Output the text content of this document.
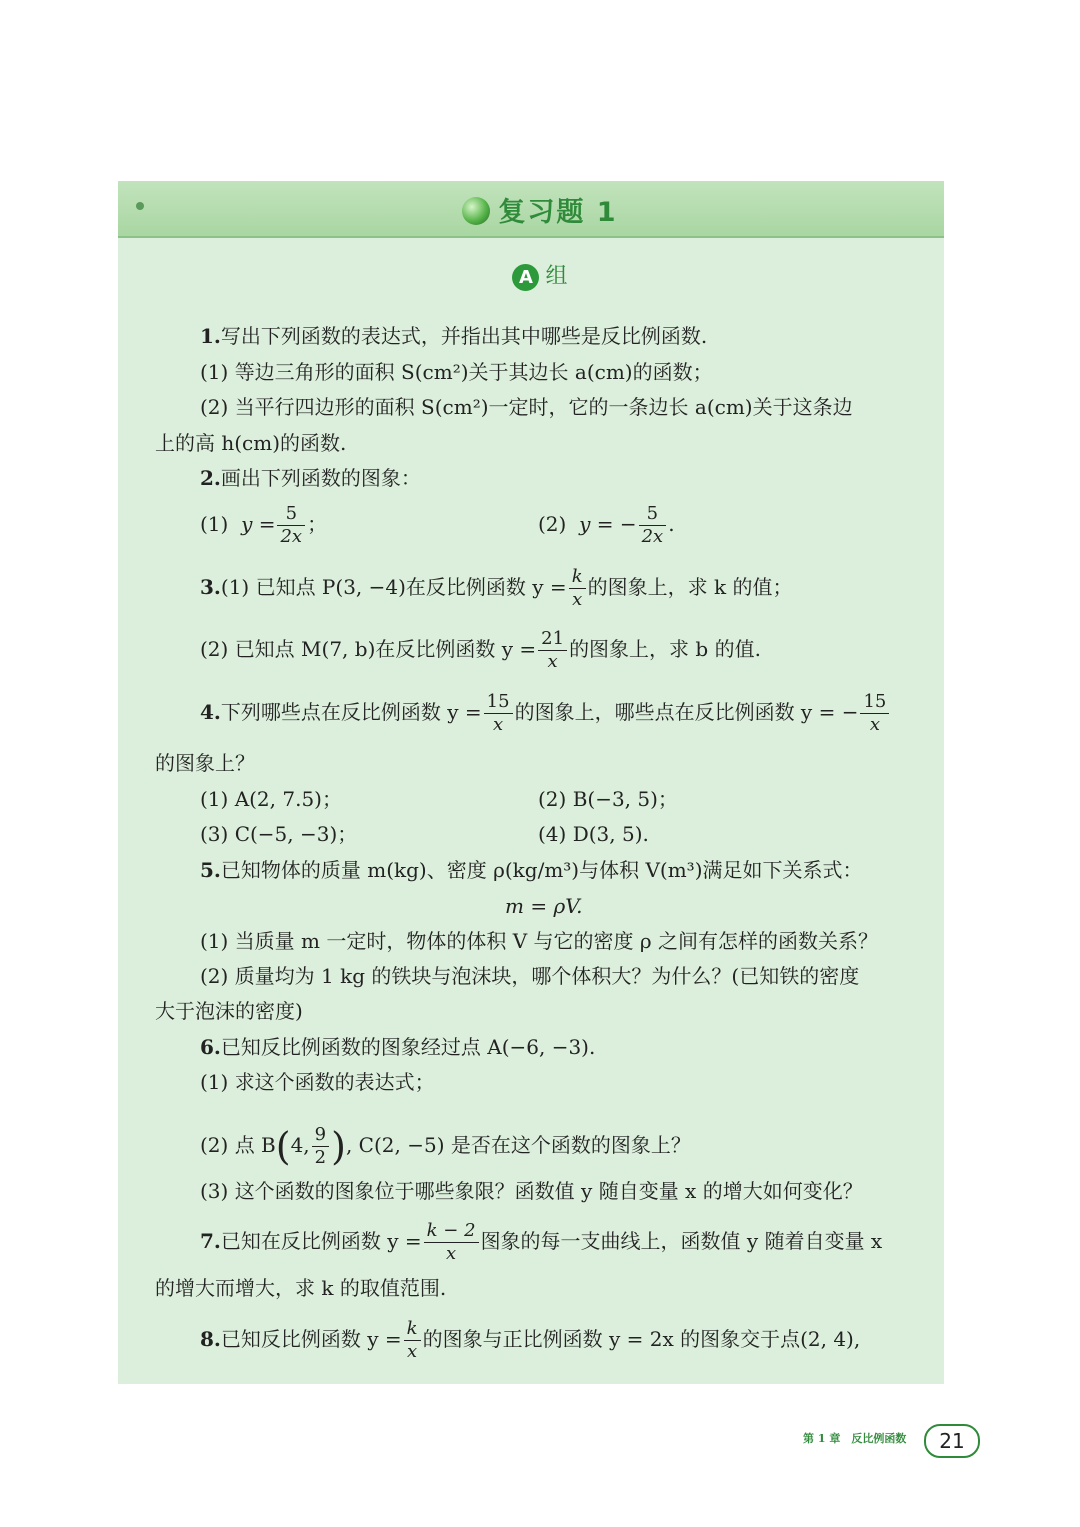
复习题 1
A 组
1.写出下列函数的表达式，并指出其中哪些是反比例函数.
(1) 等边三角形的面积 S(cm²)关于其边长 a(cm)的函数；
(2) 当平行四边形的面积 S(cm²)一定时，它的一条边长 a(cm)关于这条边
上的高 h(cm)的函数.
2.画出下列函数的图象：
(1) $y = \frac{5}{2x}$ ；	(2) y = − $\frac{5}{2x}$ .
3.(1) 已知点 P(3, −4)在反比例函数 $y = \frac{k}{x}$ 的图象上，求 k 的值；
(2) 已知点 M(7, b)在反比例函数 $y = \frac{21}{x}$ 的图象上，求 b 的值.
4.下列哪些点在反比例函数 $y = \frac{15}{x}$ 的图象上，哪些点在反比例函数 y = − $\frac{15}{x}$
的图象上？
(1) A(2, 7.5)；	(2) B(−3, 5)；
(3) C(−5, −3)；	(4) D(3, 5).
5.已知物体的质量 m(kg)、密度 ρ(kg/m³)与体积 V(m³)满足如下关系式：
m = ρV.
(1) 当质量 m 一定时，物体的体积 V 与它的密度 ρ 之间有怎样的函数关系？
(2) 质量均为 1 kg 的铁块与泡沫块，哪个体积大？为什么？(已知铁的密度
大于泡沫的密度)
6.已知反比例函数的图象经过点 A(−6, −3).
(1) 求这个函数的表达式；
(2) 点 B(4, $\frac{9}{2}$ ), C(2, −5) 是否在这个函数的图象上？
(3) 这个函数的图象位于哪些象限？函数值 y 随自变量 x 的增大如何变化？
7.已知在反比例函数 $y = \frac{k - 2}{x}$ 图象的每一支曲线上，函数值 y 随着自变量 x
的增大而增大，求 k 的取值范围.
8.已知反比例函数 $y = \frac{k}{x}$ 的图象与正比例函数 y = 2x 的图象交于点(2, 4),
第 1 章　反比例函数	21
